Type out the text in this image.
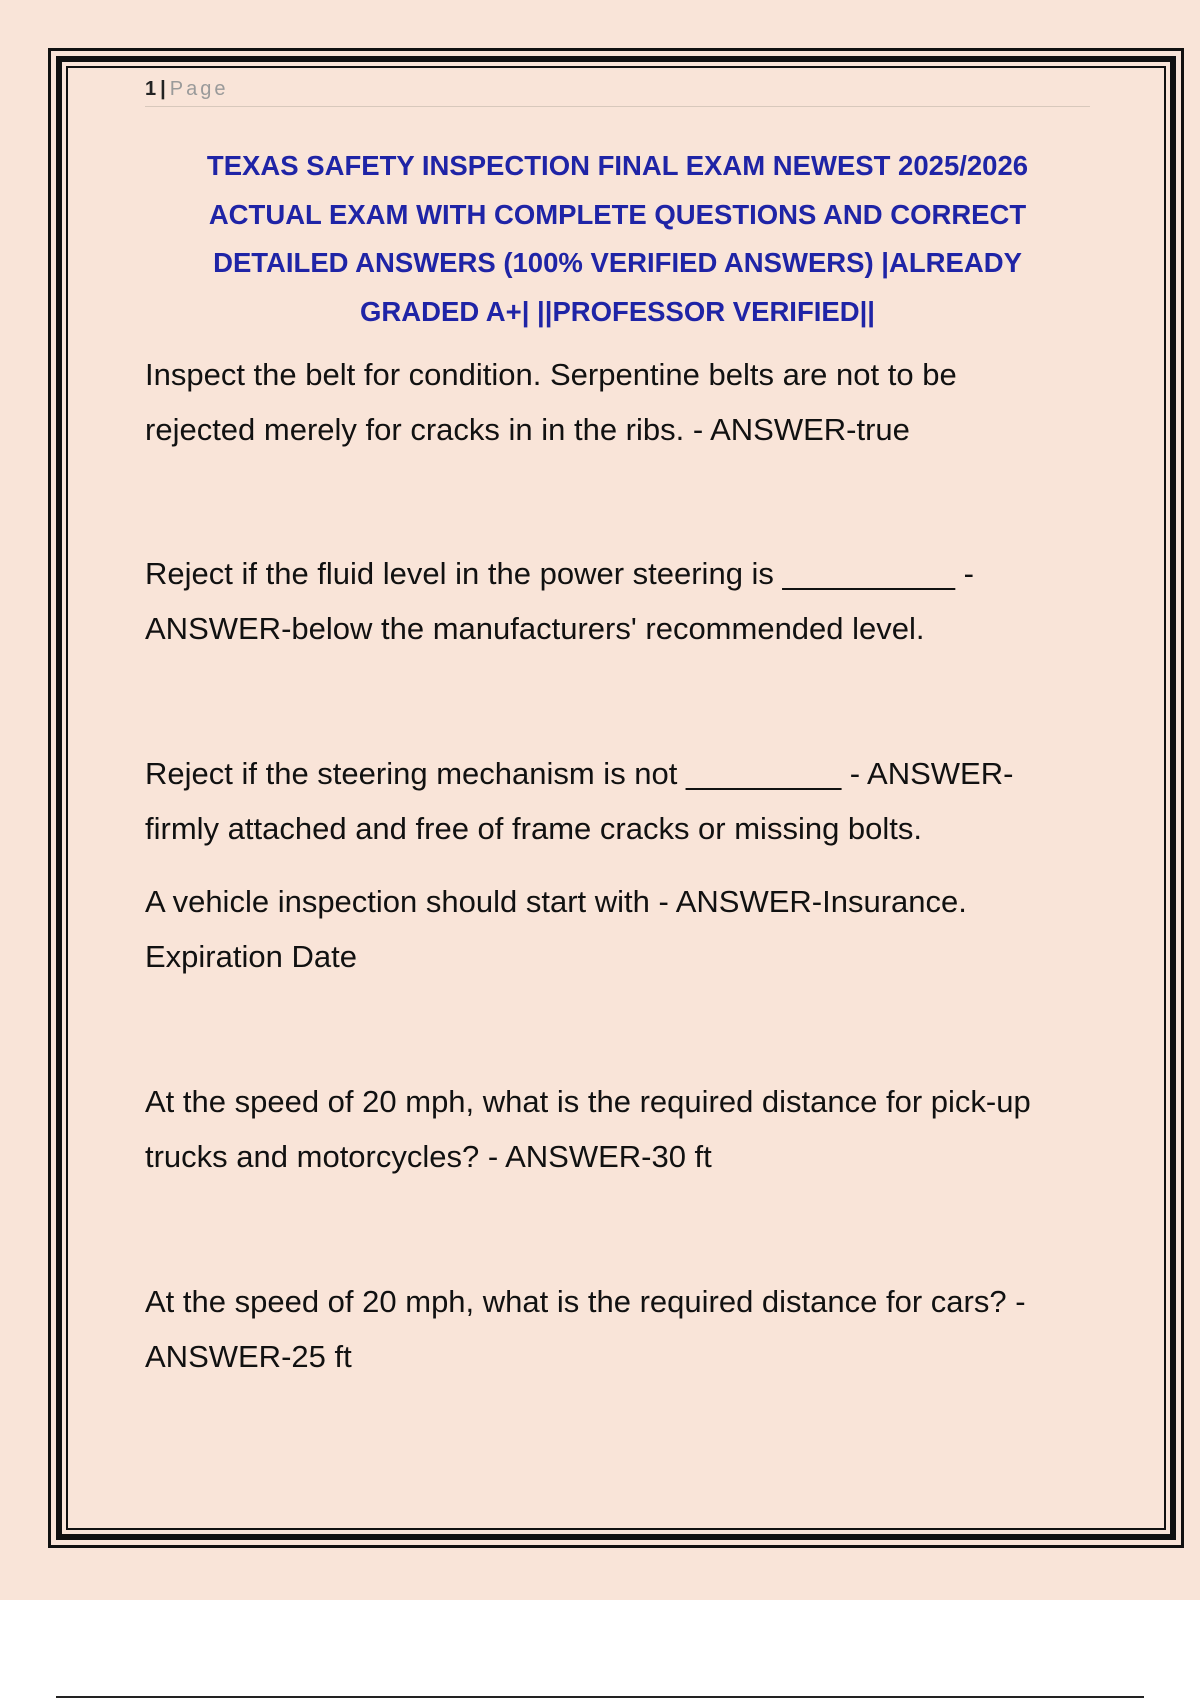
1 | Page
TEXAS SAFETY INSPECTION FINAL EXAM NEWEST 2025/2026
ACTUAL EXAM WITH COMPLETE QUESTIONS AND CORRECT
DETAILED ANSWERS (100% VERIFIED ANSWERS) |ALREADY
GRADED A+| ||PROFESSOR VERIFIED||

Inspect the belt for condition. Serpentine belts are not to be
rejected merely for cracks in in the ribs. - ANSWER-true

Reject if the fluid level in the power steering is __________ -
ANSWER-below the manufacturers' recommended level.

Reject if the steering mechanism is not _________ - ANSWER-
firmly attached and free of frame cracks or missing bolts.

A vehicle inspection should start with - ANSWER-Insurance.
Expiration Date

At the speed of 20 mph, what is the required distance for pick-up
trucks and motorcycles? - ANSWER-30 ft

At the speed of 20 mph, what is the required distance for cars? -
ANSWER-25 ft
